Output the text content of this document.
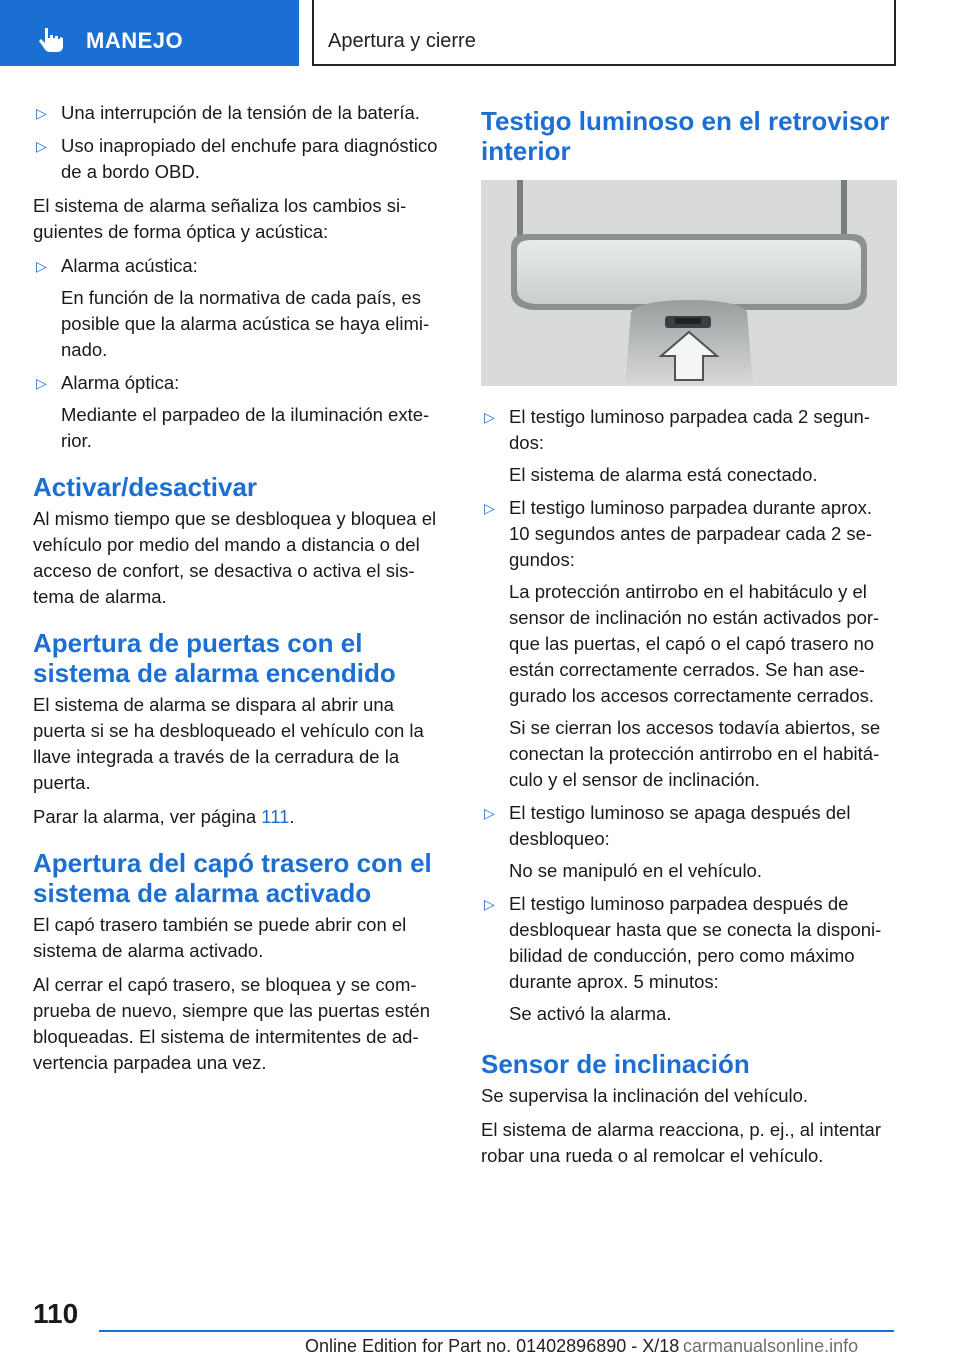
MANEJO	Apertura y cierre
▷ Una interrupción de la tensión de la batería.
▷ Uso inapropiado del enchufe para diagnóstico de a bordo OBD.

El sistema de alarma señaliza los cambios si-guientes de forma óptica y acústica:

▷ Alarma acústica:

En función de la normativa de cada país, es posible que la alarma acústica se haya elimi-nado.

▷ Alarma óptica:

Mediante el parpadeo de la iluminación exte-rior.

Activar/desactivar

Al mismo tiempo que se desbloquea y bloquea el vehículo por medio del mando a distancia o del acceso de confort, se desactiva o activa el sis-tema de alarma.

Apertura de puertas con el sistema de alarma encendido

El sistema de alarma se dispara al abrir una puerta si se ha desbloqueado el vehículo con la llave integrada a través de la cerradura de la puerta.

Parar la alarma, ver página 111.

Apertura del capó trasero con el sistema de alarma activado

El capó trasero también se puede abrir con el sistema de alarma activado.

Al cerrar el capó trasero, se bloquea y se com-prueba de nuevo, siempre que las puertas estén bloqueadas. El sistema de intermitentes de ad-vertencia parpadea una vez.

Testigo luminoso en el retrovisor interior
▷ El testigo luminoso parpadea cada 2 segun-dos:

El sistema de alarma está conectado.

▷ El testigo luminoso parpadea durante aprox. 10 segundos antes de parpadear cada 2 se-gundos:

La protección antirrobo en el habitáculo y el sensor de inclinación no están activados por-que las puertas, el capó o el capó trasero no están correctamente cerrados. Se han ase-gurado los accesos correctamente cerrados.

Si se cierran los accesos todavía abiertos, se conectan la protección antirrobo en el habitá-culo y el sensor de inclinación.

▷ El testigo luminoso se apaga después del desbloqueo:

No se manipuló en el vehículo.

▷ El testigo luminoso parpadea después de desbloquear hasta que se conecta la disponi-bilidad de conducción, pero como máximo durante aprox. 5 minutos:

Se activó la alarma.

Sensor de inclinación

Se supervisa la inclinación del vehículo.

El sistema de alarma reacciona, p. ej., al intentar robar una rueda o al remolcar el vehículo.

110
Online Edition for Part no. 01402896890 - X/18 carmanualsonline.info
